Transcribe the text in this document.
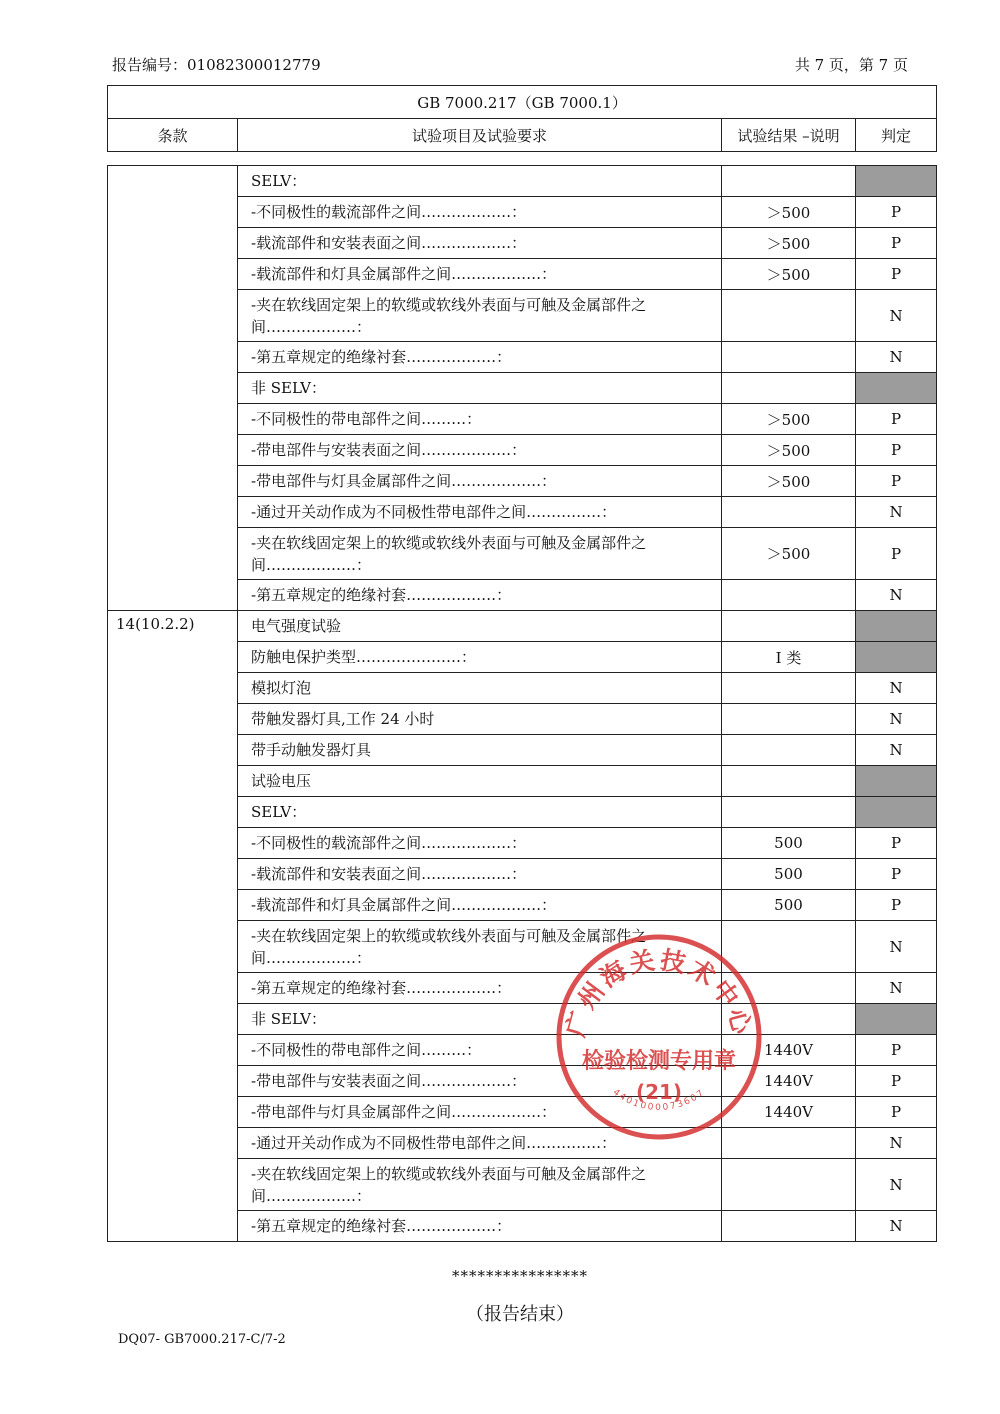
报告编号：01082300012779	共 7 页，第 7 页
GB 7000.217（GB 7000.1）
条款	试验项目及试验要求	试验结果 –说明	判定
	SELV：		
	-不同极性的载流部件之间………………：	＞500	P
	-载流部件和安装表面之间………………：	＞500	P
	-载流部件和灯具金属部件之间………………：	＞500	P
	-夹在软线固定架上的软缆或软线外表面与可触及金属部件之间………………：		N
	-第五章规定的绝缘衬套………………：		N
	非 SELV：		
	-不同极性的带电部件之间………：	＞500	P
	-带电部件与安装表面之间………………：	＞500	P
	-带电部件与灯具金属部件之间………………：	＞500	P
	-通过开关动作成为不同极性带电部件之间……………：		N
	-夹在软线固定架上的软缆或软线外表面与可触及金属部件之间………………：	＞500	P
	-第五章规定的绝缘衬套………………：		N
14(10.2.2)	电气强度试验		
	防触电保护类型…………………：	I 类	
	模拟灯泡		N
	带触发器灯具,工作 24 小时		N
	带手动触发器灯具		N
	试验电压		
	SELV：		
	-不同极性的载流部件之间………………：	500	P
	-载流部件和安装表面之间………………：	500	P
	-载流部件和灯具金属部件之间………………：	500	P
	-夹在软线固定架上的软缆或软线外表面与可触及金属部件之间………………：		N
	-第五章规定的绝缘衬套………………：		N
	非 SELV：		
	-不同极性的带电部件之间………：	1440V	P
	-带电部件与安装表面之间………………：	1440V	P
	-带电部件与灯具金属部件之间………………：	1440V	P
	-通过开关动作成为不同极性带电部件之间……………：		N
	-夹在软线固定架上的软缆或软线外表面与可触及金属部件之间………………：		N
	-第五章规定的绝缘衬套………………：		N
****************
（报告结束）
DQ07- GB7000.217-C/7-2
广州海关技术中心
检验检测专用章
(21)
4401000073607
